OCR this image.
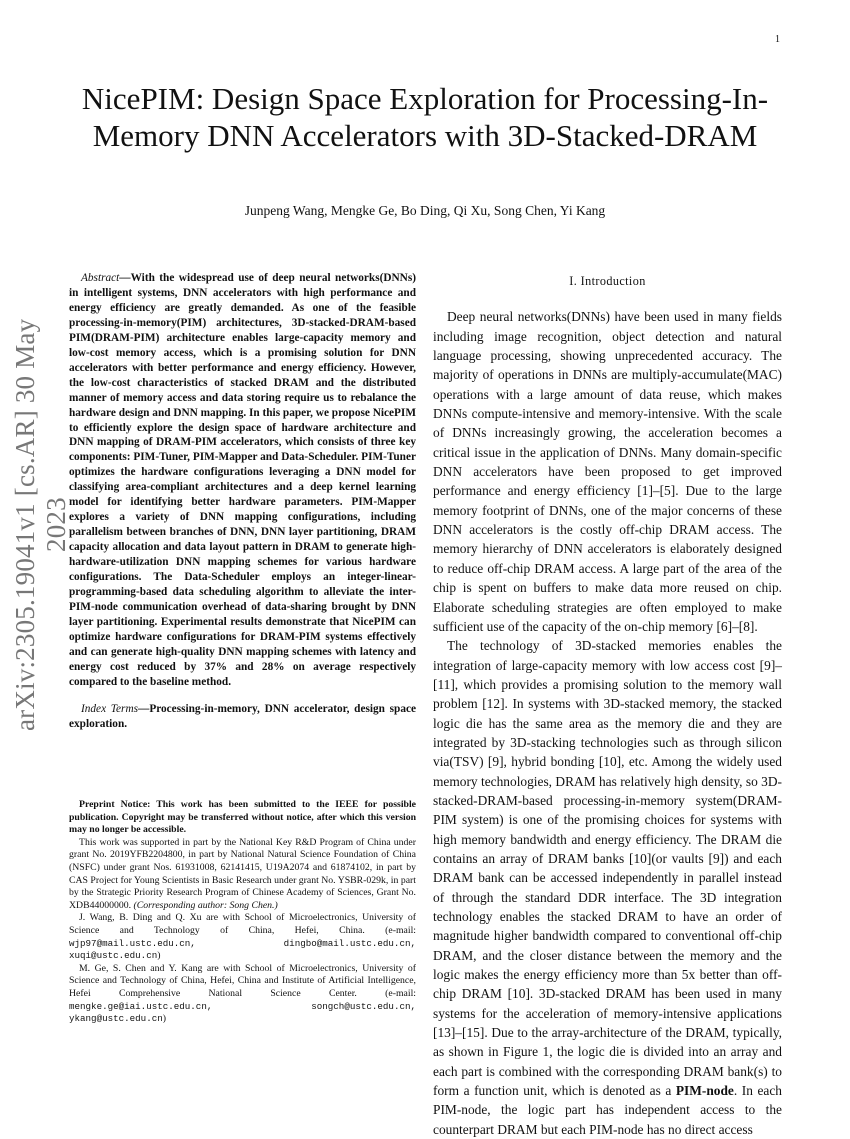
1
arXiv:2305.19041v1 [cs.AR] 30 May 2023
NicePIM: Design Space Exploration for Processing-In-Memory DNN Accelerators with 3D-Stacked-DRAM
Junpeng Wang, Mengke Ge, Bo Ding, Qi Xu, Song Chen, Yi Kang

Abstract—With the widespread use of deep neural networks(DNNs) in intelligent systems, DNN accelerators with high performance and energy efficiency are greatly demanded. As one of the feasible processing-in-memory(PIM) architectures, 3D-stacked-DRAM-based PIM(DRAM-PIM) architecture enables large-capacity memory and low-cost memory access, which is a promising solution for DNN accelerators with better performance and energy efficiency. However, the low-cost characteristics of stacked DRAM and the distributed manner of memory access and data storing require us to rebalance the hardware design and DNN mapping. In this paper, we propose NicePIM to efficiently explore the design space of hardware architecture and DNN mapping of DRAM-PIM accelerators, which consists of three key components: PIM-Tuner, PIM-Mapper and Data-Scheduler. PIM-Tuner optimizes the hardware configurations leveraging a DNN model for classifying area-compliant architectures and a deep kernel learning model for identifying better hardware parameters. PIM-Mapper explores a variety of DNN mapping configurations, including parallelism between branches of DNN, DNN layer partitioning, DRAM capacity allocation and data layout pattern in DRAM to generate high-hardware-utilization DNN mapping schemes for various hardware configurations. The Data-Scheduler employs an integer-linear-programming-based data scheduling algorithm to alleviate the inter-PIM-node communication overhead of data-sharing brought by DNN layer partitioning. Experimental results demonstrate that NicePIM can optimize hardware configurations for DRAM-PIM systems effectively and can generate high-quality DNN mapping schemes with latency and energy cost reduced by 37% and 28% on average respectively compared to the baseline method.

Index Terms—Processing-in-memory, DNN accelerator, design space exploration.

Preprint Notice: This work has been submitted to the IEEE for possible publication. Copyright may be transferred without notice, after which this version may no longer be accessible.

This work was supported in part by the National Key R&D Program of China under grant No. 2019YFB2204800, in part by National Natural Science Foundation of China (NSFC) under grant Nos. 61931008, 62141415, U19A2074 and 61874102, in part by CAS Project for Young Scientists in Basic Research under grant No. YSBR-029k, in part by the Strategic Priority Research Program of Chinese Academy of Sciences, Grant No. XDB44000000. (Corresponding author: Song Chen.)

J. Wang, B. Ding and Q. Xu are with School of Microelectronics, University of Science and Technology of China, Hefei, China. (e-mail: wjp97@mail.ustc.edu.cn, dingbo@mail.ustc.edu.cn, xuqi@ustc.edu.cn)

M. Ge, S. Chen and Y. Kang are with School of Microelectronics, University of Science and Technology of China, Hefei, China and Institute of Artificial Intelligence, Hefei Comprehensive National Science Center. (e-mail: mengke.ge@iai.ustc.edu.cn, songch@ustc.edu.cn, ykang@ustc.edu.cn)

I. Introduction

Deep neural networks(DNNs) have been used in many fields including image recognition, object detection and natural language processing, showing unprecedented accuracy. The majority of operations in DNNs are multiply-accumulate(MAC) operations with a large amount of data reuse, which makes DNNs compute-intensive and memory-intensive. With the scale of DNNs increasingly growing, the acceleration becomes a critical issue in the application of DNNs. Many domain-specific DNN accelerators have been proposed to get improved performance and energy efficiency [1]–[5]. Due to the large memory footprint of DNNs, one of the major concerns of these DNN accelerators is the costly off-chip DRAM access. The memory hierarchy of DNN accelerators is elaborately designed to reduce off-chip DRAM access. A large part of the area of the chip is spent on buffers to make data more reused on chip. Elaborate scheduling strategies are often employed to make sufficient use of the capacity of the on-chip memory [6]–[8].

The technology of 3D-stacked memories enables the integration of large-capacity memory with low access cost [9]–[11], which provides a promising solution to the memory wall problem [12]. In systems with 3D-stacked memory, the stacked logic die has the same area as the memory die and they are integrated by 3D-stacking technologies such as through silicon via(TSV) [9], hybrid bonding [10], etc. Among the widely used memory technologies, DRAM has relatively high density, so 3D-stacked-DRAM-based processing-in-memory system(DRAM-PIM system) is one of the promising choices for systems with high memory bandwidth and energy efficiency. The DRAM die contains an array of DRAM banks [10](or vaults [9]) and each DRAM bank can be accessed independently in parallel instead of through the standard DDR interface. The 3D integration technology enables the stacked DRAM to have an order of magnitude higher bandwidth compared to conventional off-chip DRAM, and the closer distance between the memory and the logic makes the energy efficiency more than 5x better than off-chip DRAM [10]. 3D-stacked DRAM has been used in many systems for the acceleration of memory-intensive applications [13]–[15]. Due to the array-architecture of the DRAM, typically, as shown in Figure 1, the logic die is divided into an array and each part is combined with the corresponding DRAM bank(s) to form a function unit, which is denoted as a PIM-node. In each PIM-node, the logic part has independent access to the counterpart DRAM but each PIM-node has no direct access
